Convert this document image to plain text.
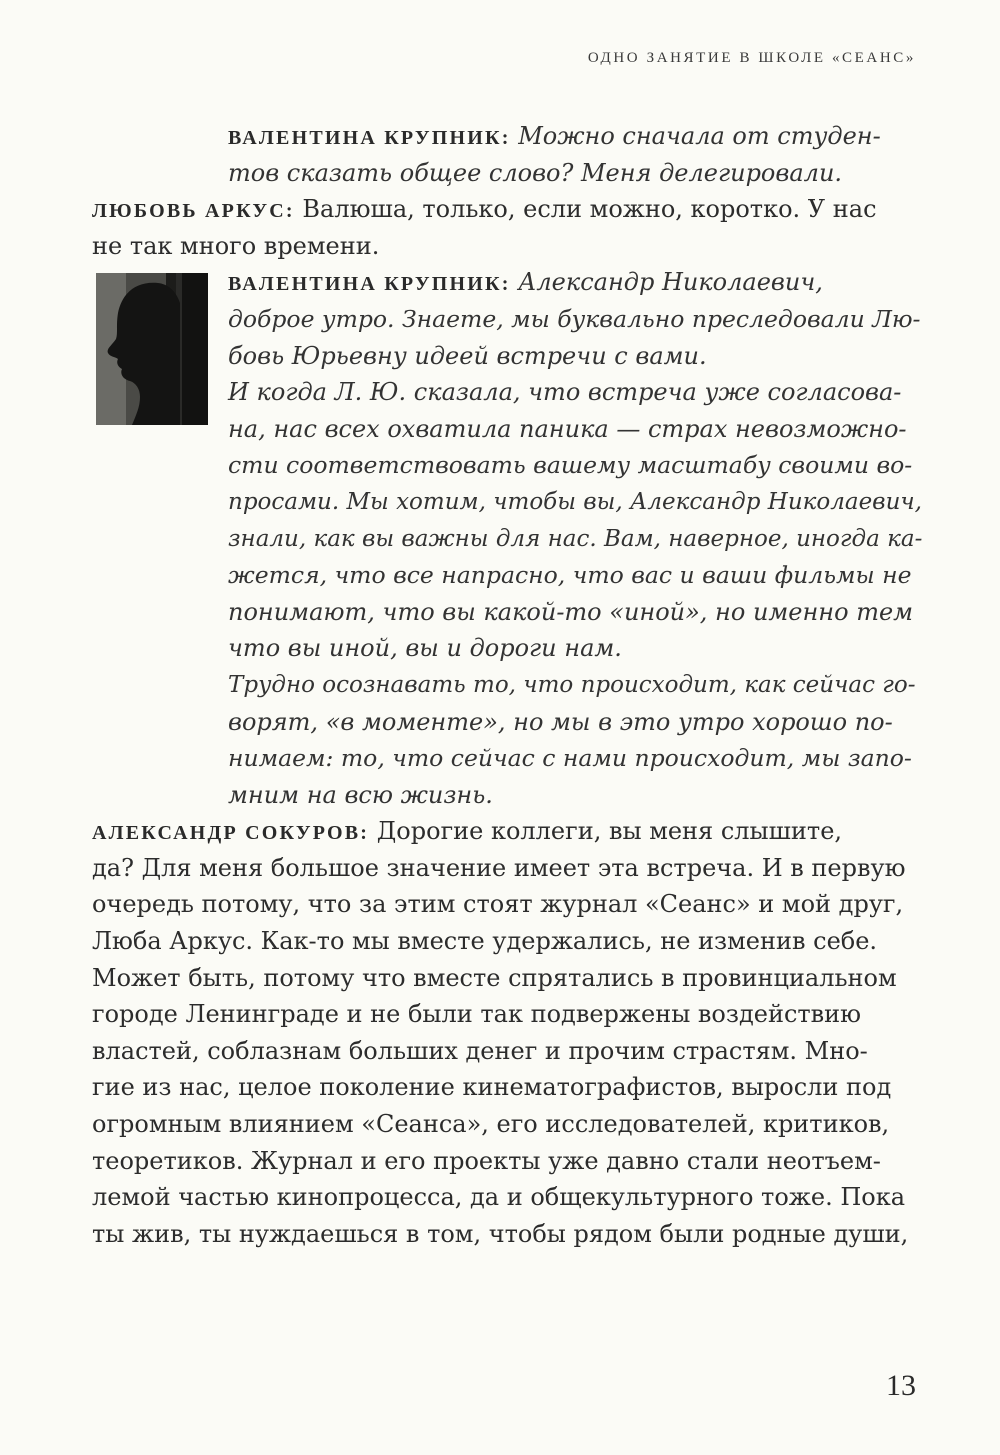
ОДНО ЗАНЯТИЕ В ШКОЛЕ «СЕАНС»
ВАЛЕНТИНА КРУПНИК: Можно сначала от студен-
тов сказать общее слово? Меня делегировали.
ЛЮБОВЬ АРКУС: Валюша, только, если можно, коротко. У нас
не так много времени.
ВАЛЕНТИНА КРУПНИК: Александр Николаевич,
доброе утро. Знаете, мы буквально преследовали Лю-
бовь Юрьевну идеей встречи с вами.
И когда Л. Ю. сказала, что встреча уже согласова-
на, нас всех охватила паника — страх невозможно-
сти соответствовать вашему масштабу своими во-
просами. Мы хотим, чтобы вы, Александр Николаевич,
знали, как вы важны для нас. Вам, наверное, иногда ка-
жется, что все напрасно, что вас и ваши фильмы не
понимают, что вы какой-то «иной», но именно тем
что вы иной, вы и дороги нам.
Трудно осознавать то, что происходит, как сейчас го-
ворят, «в моменте», но мы в это утро хорошо по-
нимаем: то, что сейчас с нами происходит, мы запо-
мним на всю жизнь.
АЛЕКСАНДР СОКУРОВ: Дорогие коллеги, вы меня слышите,
да? Для меня большое значение имеет эта встреча. И в первую
очередь потому, что за этим стоят журнал «Сеанс» и мой друг,
Люба Аркус. Как-то мы вместе удержались, не изменив себе.
Может быть, потому что вместе спрятались в провинциальном
городе Ленинграде и не были так подвержены воздействию
властей, соблазнам больших денег и прочим страстям. Мно-
гие из нас, целое поколение кинематографистов, выросли под
огромным влиянием «Сеанса», его исследователей, критиков,
теоретиков. Журнал и его проекты уже давно стали неотъем-
лемой частью кинопроцесса, да и общекультурного тоже. Пока
ты жив, ты нуждаешься в том, чтобы рядом были родные души,
13
